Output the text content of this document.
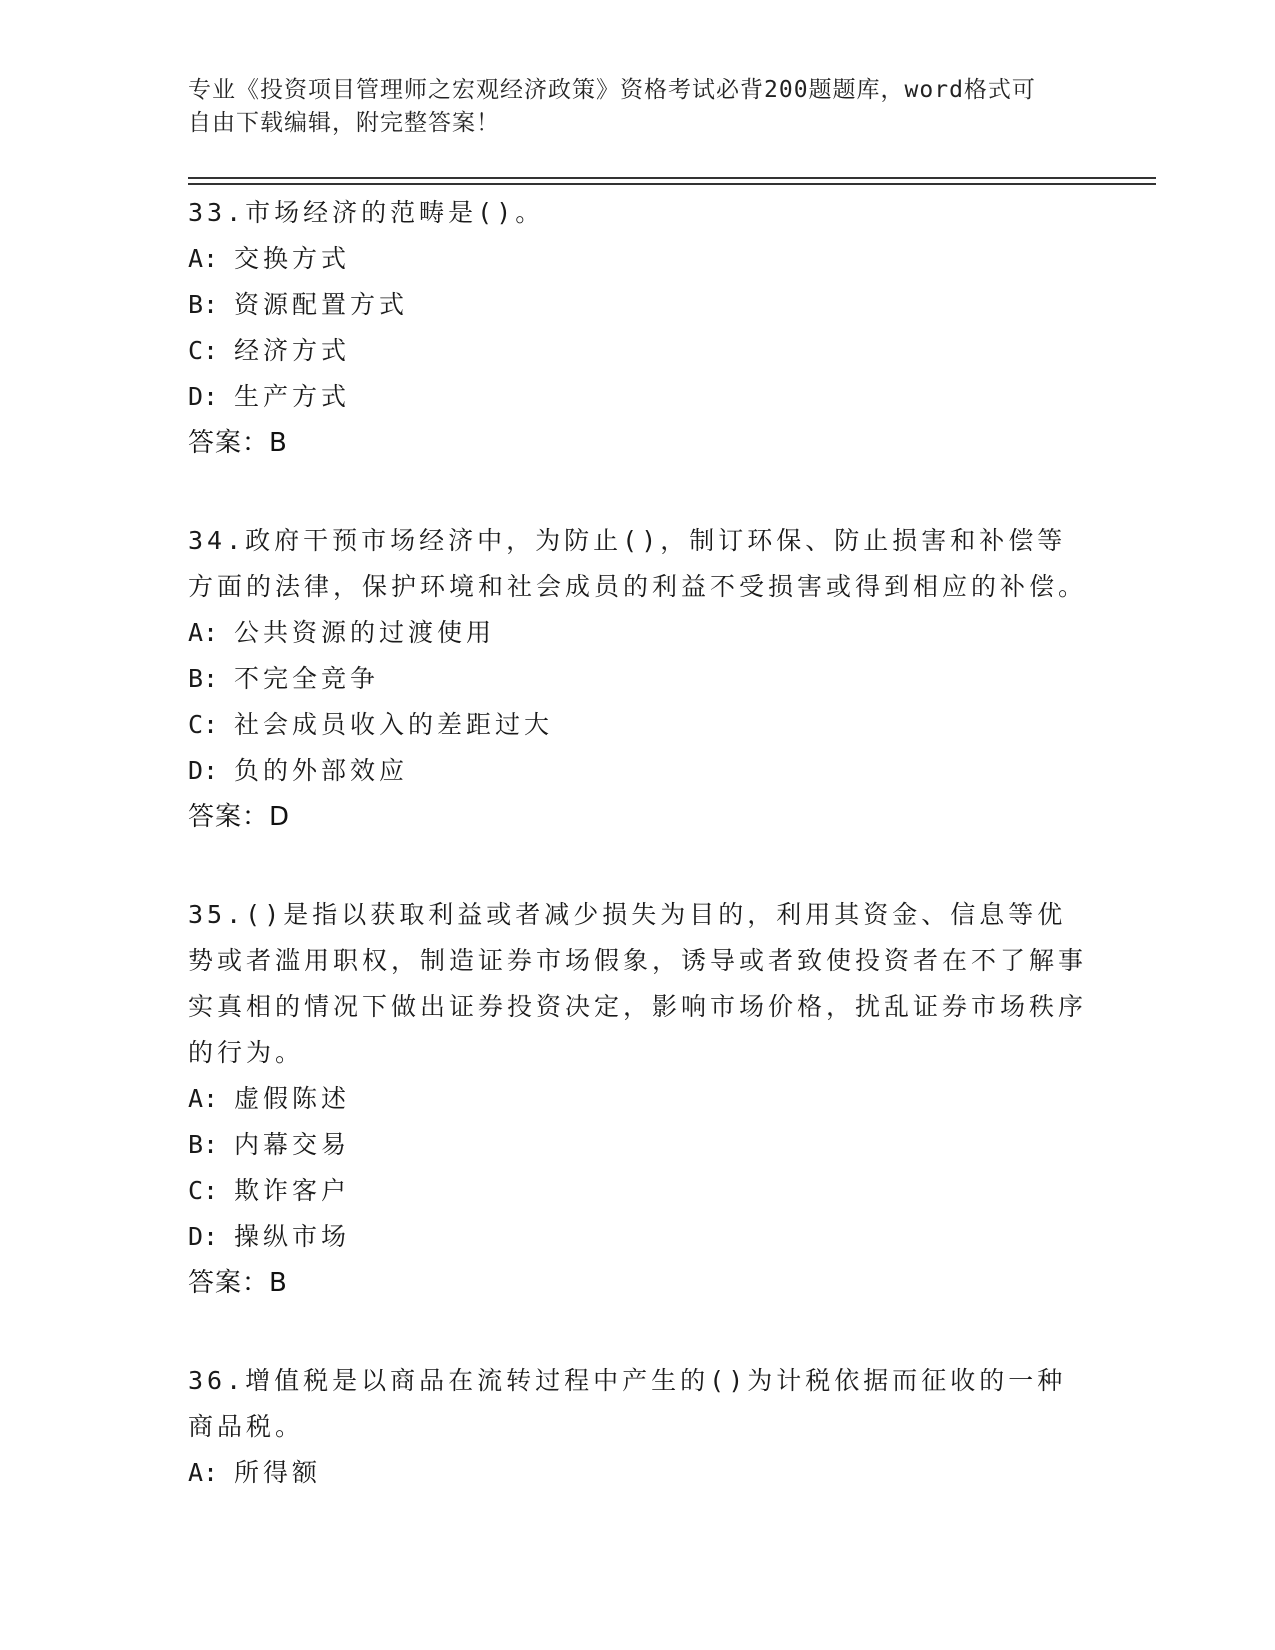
专业《投资项目管理师之宏观经济政策》资格考试必背200题题库，word格式可
自由下载编辑，附完整答案！
33.市场经济的范畴是()。
A: 交换方式
B: 资源配置方式
C: 经济方式
D: 生产方式
答案：B
34.政府干预市场经济中，为防止()，制订环保、防止损害和补偿等方面的法律，保护环境和社会成员的利益不受损害或得到相应的补偿。
A: 公共资源的过渡使用
B: 不完全竞争
C: 社会成员收入的差距过大
D: 负的外部效应
答案：D
35.()是指以获取利益或者减少损失为目的，利用其资金、信息等优势或者滥用职权，制造证券市场假象，诱导或者致使投资者在不了解事实真相的情况下做出证券投资决定，影响市场价格，扰乱证券市场秩序的行为。
A: 虚假陈述
B: 内幕交易
C: 欺诈客户
D: 操纵市场
答案：B
36.增值税是以商品在流转过程中产生的()为计税依据而征收的一种商品税。
A: 所得额
